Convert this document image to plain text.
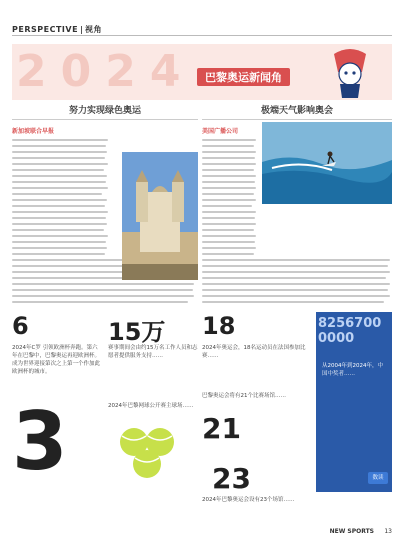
PERSPECTIVE 视角
2024 巴黎奥运新闻角
努力实现绿色奥运
新加坡联合早报
极端天气影响奥会
美国广播公司
6
2024年C罗 引领欧洲杯奔跑。第六年在巴黎中，巴黎奥运再迎欧洲杯。成为世界迎接第次之上第一个作加此欧洲杯的城市。
15万
赛事期间会由约15万名工作人员和志愿者提供服务支持……
18
2024年奥运会，18名运动员在法国参加比赛……
3	2024年巴黎网球公开赛主球场……
21
巴黎奥运会将有21个比赛场馆……
23
2024年巴黎奥运会设有23个场馆……
82567000000
从2004年到2024年，中国中奖者……
数读
NEW SPORTS 13
